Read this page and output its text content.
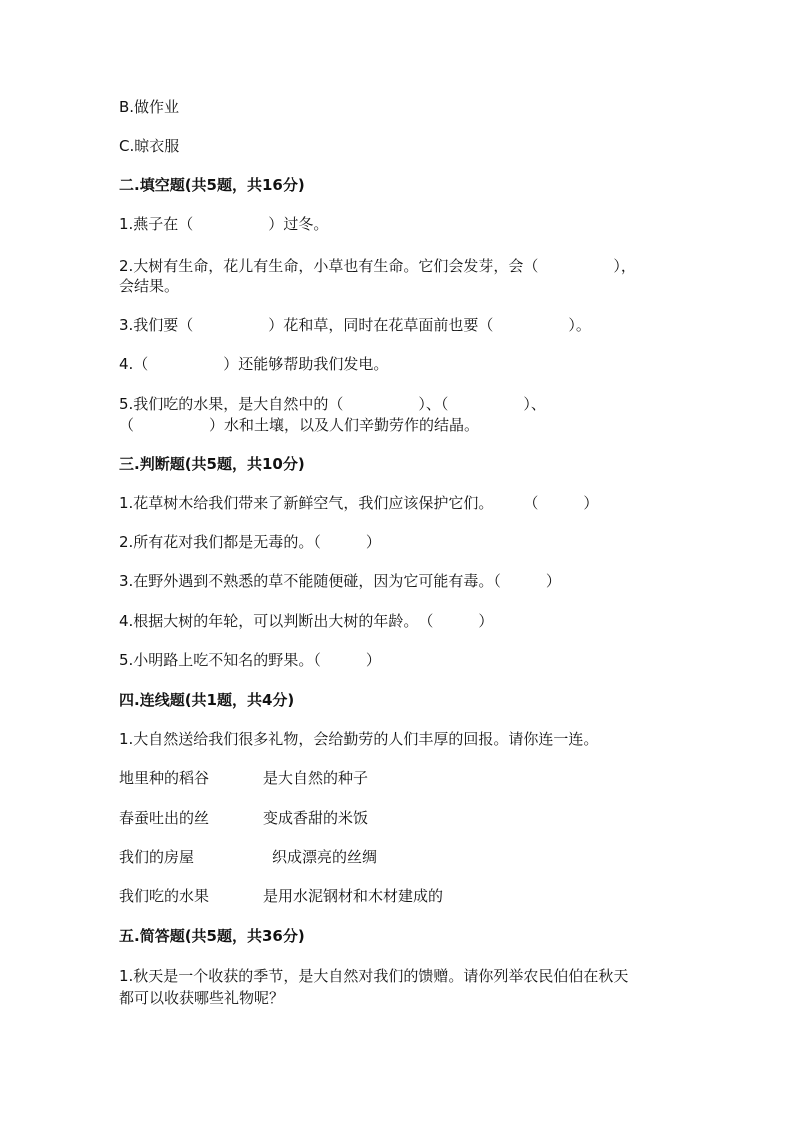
B.做作业
C.晾衣服
二.填空题(共5题，共16分)
1.燕子在（　　　　　）过冬。
2.大树有生命，花儿有生命，小草也有生命。它们会发芽，会（　　　　　），
会结果。
3.我们要（　　　　　）花和草，同时在花草面前也要（　　　　　）。
4.（　　　　　）还能够帮助我们发电。
5.我们吃的水果，是大自然中的（　　　　　）、（　　　　　）、
（　　　　　）水和土壤，以及人们辛勤劳作的结晶。
三.判断题(共5题，共10分)
1.花草树木给我们带来了新鲜空气，我们应该保护它们。　　　（　　　）
2.所有花对我们都是无毒的。（　　　）
3.在野外遇到不熟悉的草不能随便碰，因为它可能有毒。（　　　）
4.根据大树的年轮，可以判断出大树的年龄。　（　　　）
5.小明路上吃不知名的野果。（　　　）
四.连线题(共1题，共4分)
1.大自然送给我们很多礼物，会给勤劳的人们丰厚的回报。请你连一连。
地里种的稻谷	是大自然的种子
春蚕吐出的丝	变成香甜的米饭
我们的房屋	织成漂亮的丝绸
我们吃的水果	是用水泥钢材和木材建成的
五.简答题(共5题，共36分)
1.秋天是一个收获的季节，是大自然对我们的馈赠。请你列举农民伯伯在秋天
都可以收获哪些礼物呢？
